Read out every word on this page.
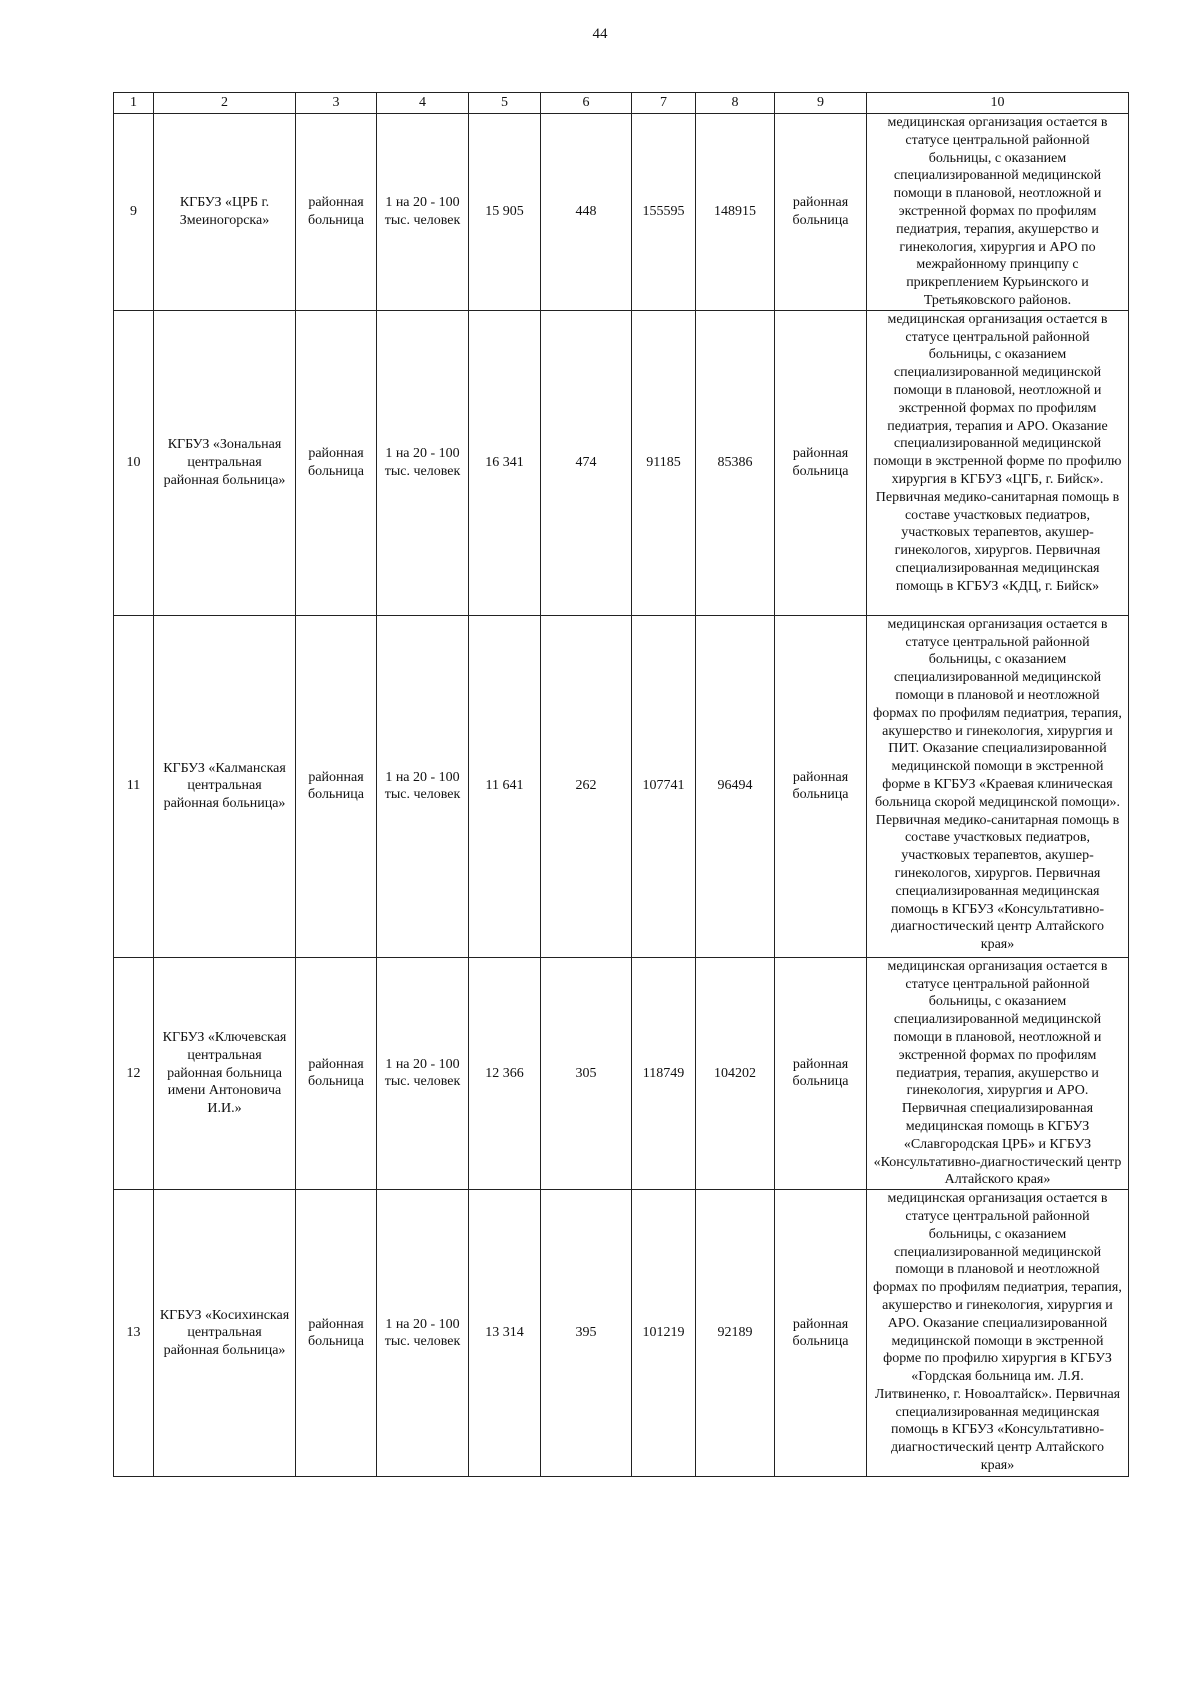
44
1	2	3	4	5	6	7	8	9	10
9	КГБУЗ «ЦРБ г. Змеиногорска»	районная больница	1 на 20 - 100 тыс. человек	15 905	448	155595	148915	районная больница	медицинская организация остается в статусе центральной районной больницы, с оказанием специализированной медицинской помощи в плановой, неотложной и экстренной формах по профилям педиатрия, терапия, акушерство и гинекология, хирургия и АРО по межрайонному принципу с прикреплением Курьинского и Третьяковского районов.
10	КГБУЗ «Зональная центральная районная больница»	районная больница	1 на 20 - 100 тыс. человек	16 341	474	91185	85386	районная больница	медицинская организация остается в статусе центральной районной больницы, с оказанием специализированной медицинской помощи в плановой, неотложной и экстренной формах по профилям педиатрия, терапия и АРО. Оказание специализированной медицинской помощи в экстренной форме по профилю хирургия в КГБУЗ «ЦГБ, г. Бийск». Первичная медико-санитарная помощь в составе участковых педиатров, участковых терапевтов, акушер-гинекологов, хирургов. Первичная специализированная медицинская помощь в КГБУЗ «КДЦ, г. Бийск»
11	КГБУЗ «Калманская центральная районная больница»	районная больница	1 на 20 - 100 тыс. человек	11 641	262	107741	96494	районная больница	медицинская организация остается в статусе центральной районной больницы, с оказанием специализированной медицинской помощи в плановой и неотложной формах по профилям педиатрия, терапия, акушерство и гинекология, хирургия и ПИТ. Оказание специализированной медицинской помощи в экстренной форме в КГБУЗ «Краевая клиническая больница скорой медицинской помощи». Первичная медико-санитарная помощь в составе участковых педиатров, участковых терапевтов, акушер-гинекологов, хирургов. Первичная специализированная медицинская помощь в КГБУЗ «Консультативно-диагностический центр Алтайского края»
12	КГБУЗ «Ключевская центральная районная больница имени Антоновича И.И.»	районная больница	1 на 20 - 100 тыс. человек	12 366	305	118749	104202	районная больница	медицинская организация остается в статусе центральной районной больницы, с оказанием специализированной медицинской помощи в плановой, неотложной и экстренной формах по профилям педиатрия, терапия, акушерство и гинекология, хирургия и АРО. Первичная специализированная медицинская помощь в КГБУЗ «Славгородская ЦРБ» и КГБУЗ «Консультативно-диагностический центр Алтайского края»
13	КГБУЗ «Косихинская центральная районная больница»	районная больница	1 на 20 - 100 тыс. человек	13 314	395	101219	92189	районная больница	медицинская организация остается в статусе центральной районной больницы, с оказанием специализированной медицинской помощи в плановой и неотложной формах по профилям педиатрия, терапия, акушерство и гинекология, хирургия и АРО. Оказание специализированной медицинской помощи в экстренной форме по профилю хирургия в КГБУЗ «Гордская больница им. Л.Я. Литвиненко, г. Новоалтайск». Первичная специализированная медицинская помощь в КГБУЗ «Консультативно-диагностический центр Алтайского края»
